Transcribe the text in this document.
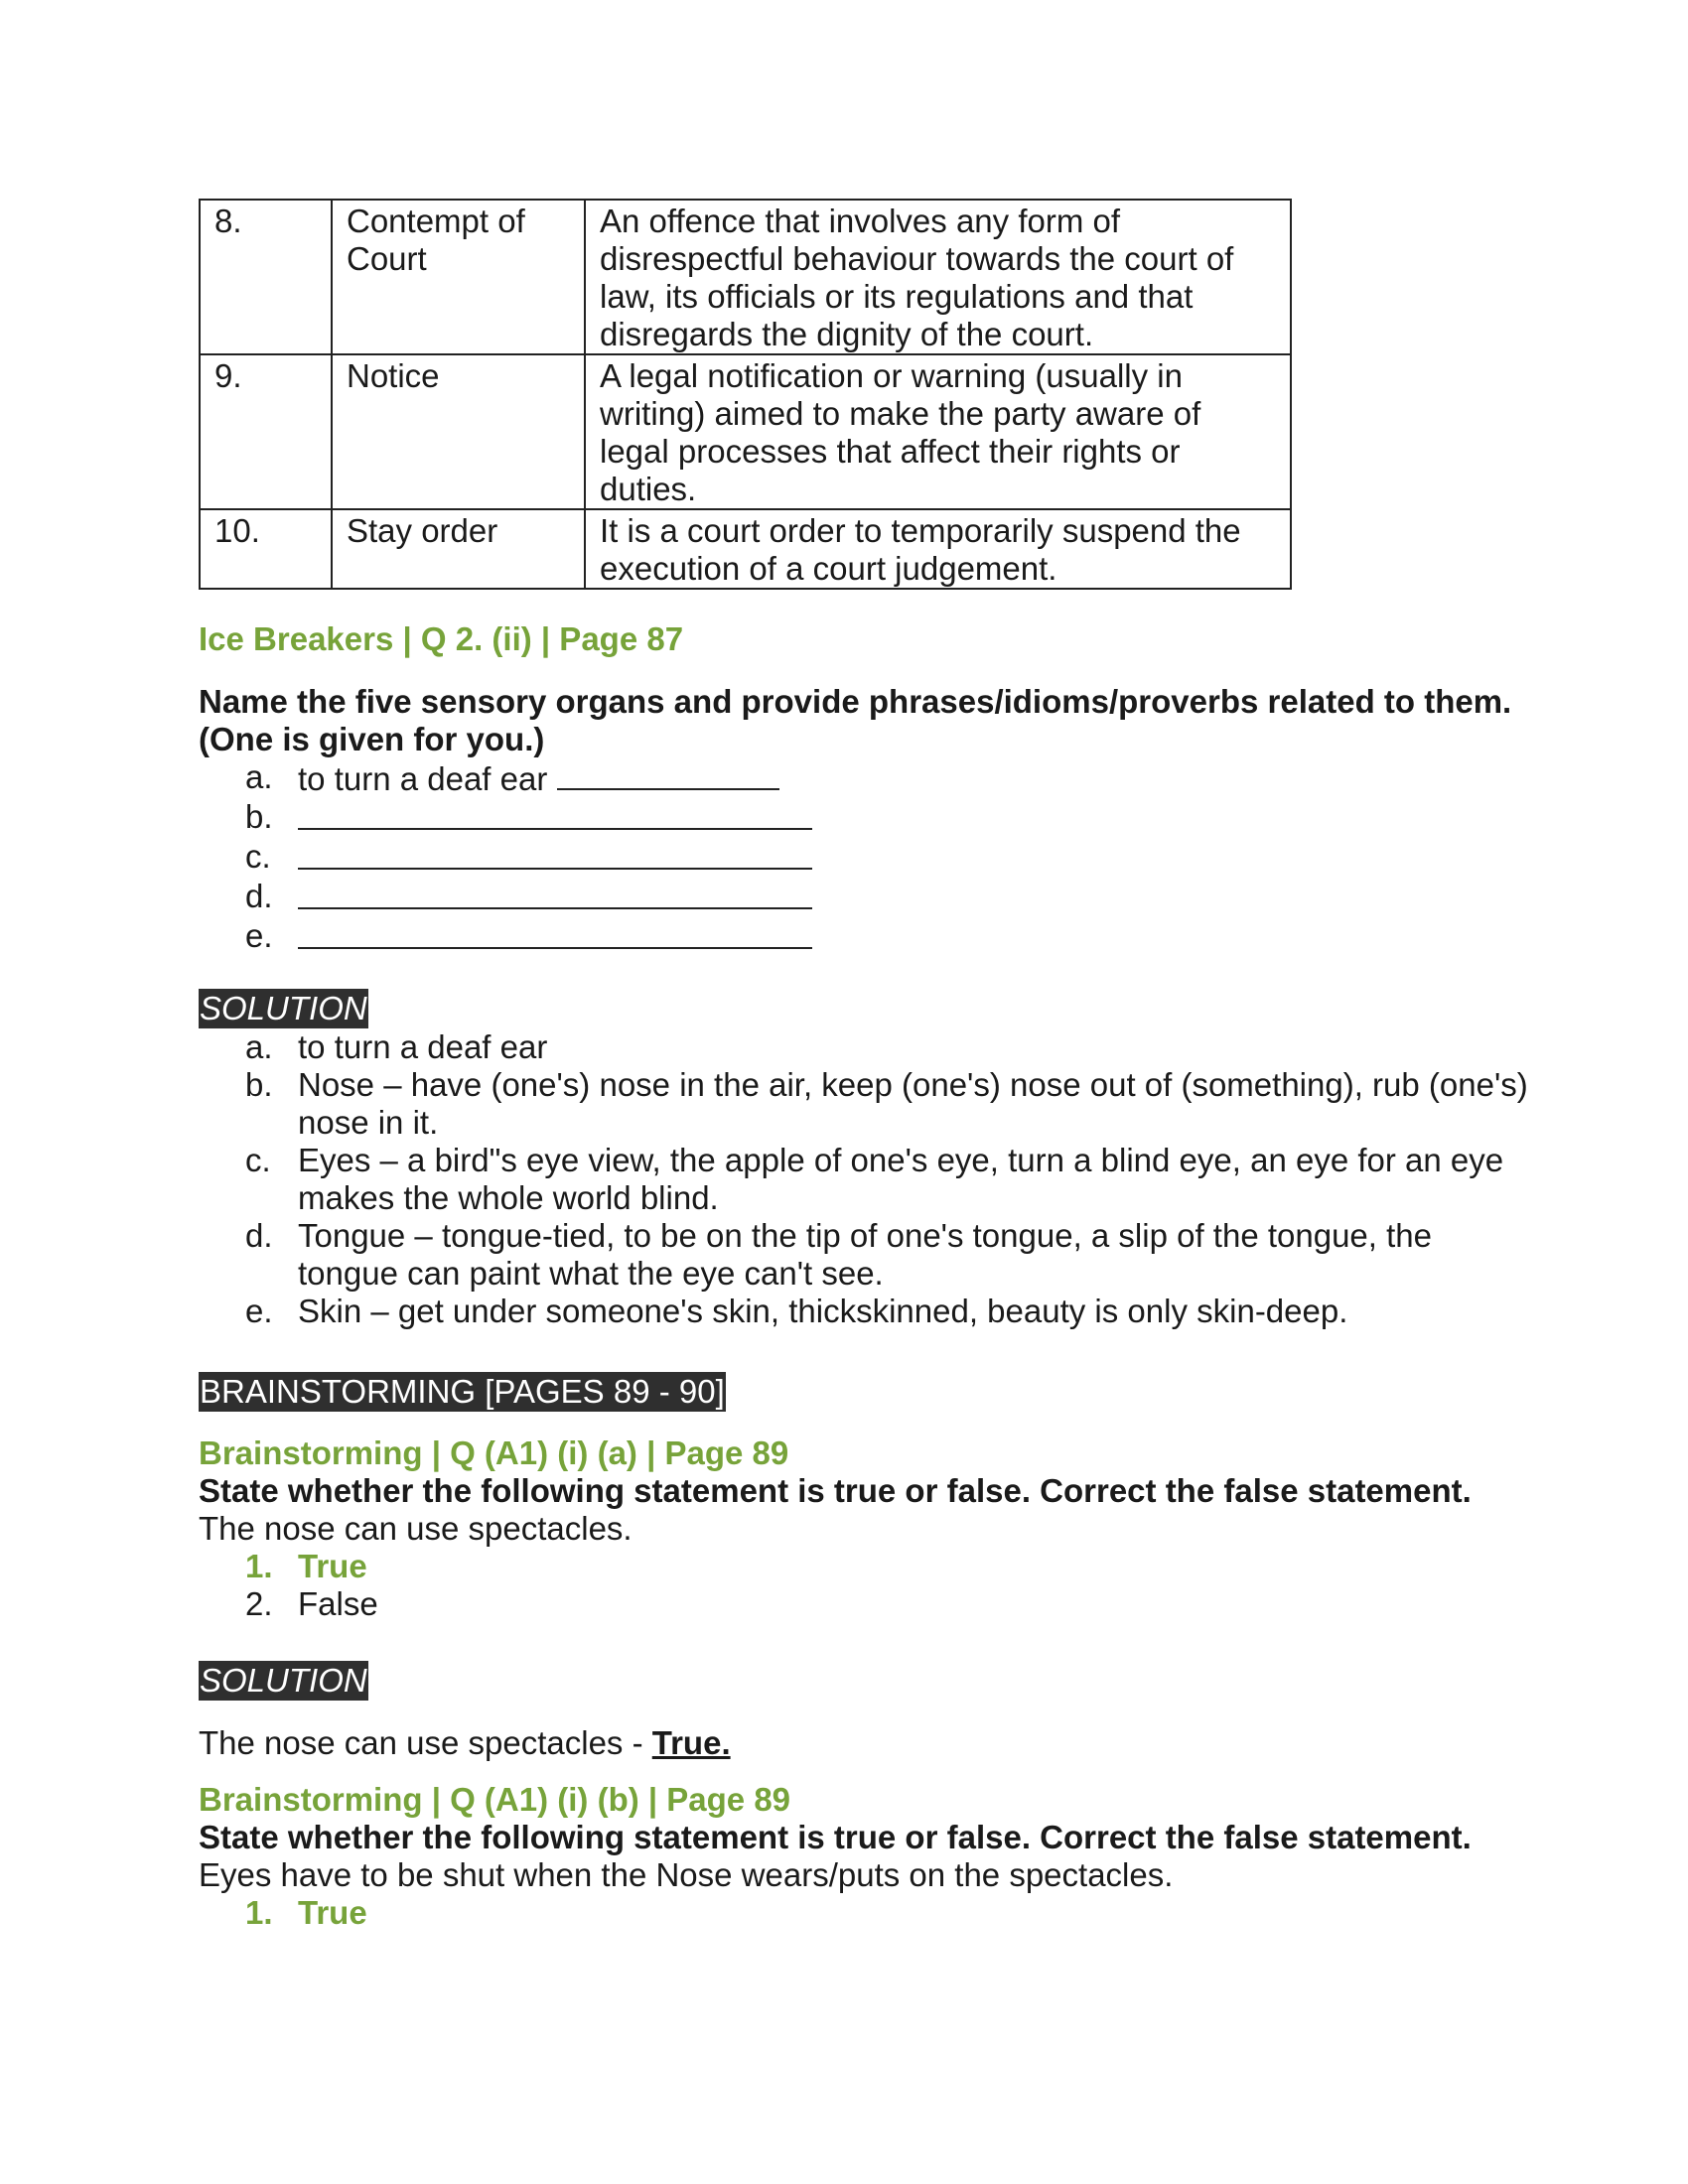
8.	Contempt of Court	An offence that involves any form of disrespectful behaviour towards the court of law, its officials or its regulations and that disregards the dignity of the court.
9.	Notice	A legal notification or warning (usually in writing) aimed to make the party aware of legal processes that affect their rights or duties.
10.	Stay order	It is a court order to temporarily suspend the execution of a court judgement.
Ice Breakers | Q 2. (ii) | Page 87
Name the five sensory organs and provide phrases/idioms/proverbs related to them. (One is given for you.)
a. to turn a deaf ear
b.
c.
d.
e.
SOLUTION
a. to turn a deaf ear
b. Nose – have (one's) nose in the air, keep (one's) nose out of (something), rub (one's) nose in it.
c. Eyes – a bird"s eye view, the apple of one's eye, turn a blind eye, an eye for an eye makes the whole world blind.
d. Tongue – tongue-tied, to be on the tip of one's tongue, a slip of the tongue, the tongue can paint what the eye can't see.
e. Skin – get under someone's skin, thickskinned, beauty is only skin-deep.
BRAINSTORMING [PAGES 89 - 90]
Brainstorming | Q (A1) (i) (a) | Page 89
State whether the following statement is true or false. Correct the false statement.
The nose can use spectacles.
1. True
2. False
SOLUTION
The nose can use spectacles - True.
Brainstorming | Q (A1) (i) (b) | Page 89
State whether the following statement is true or false. Correct the false statement.
Eyes have to be shut when the Nose wears/puts on the spectacles.
1. True
